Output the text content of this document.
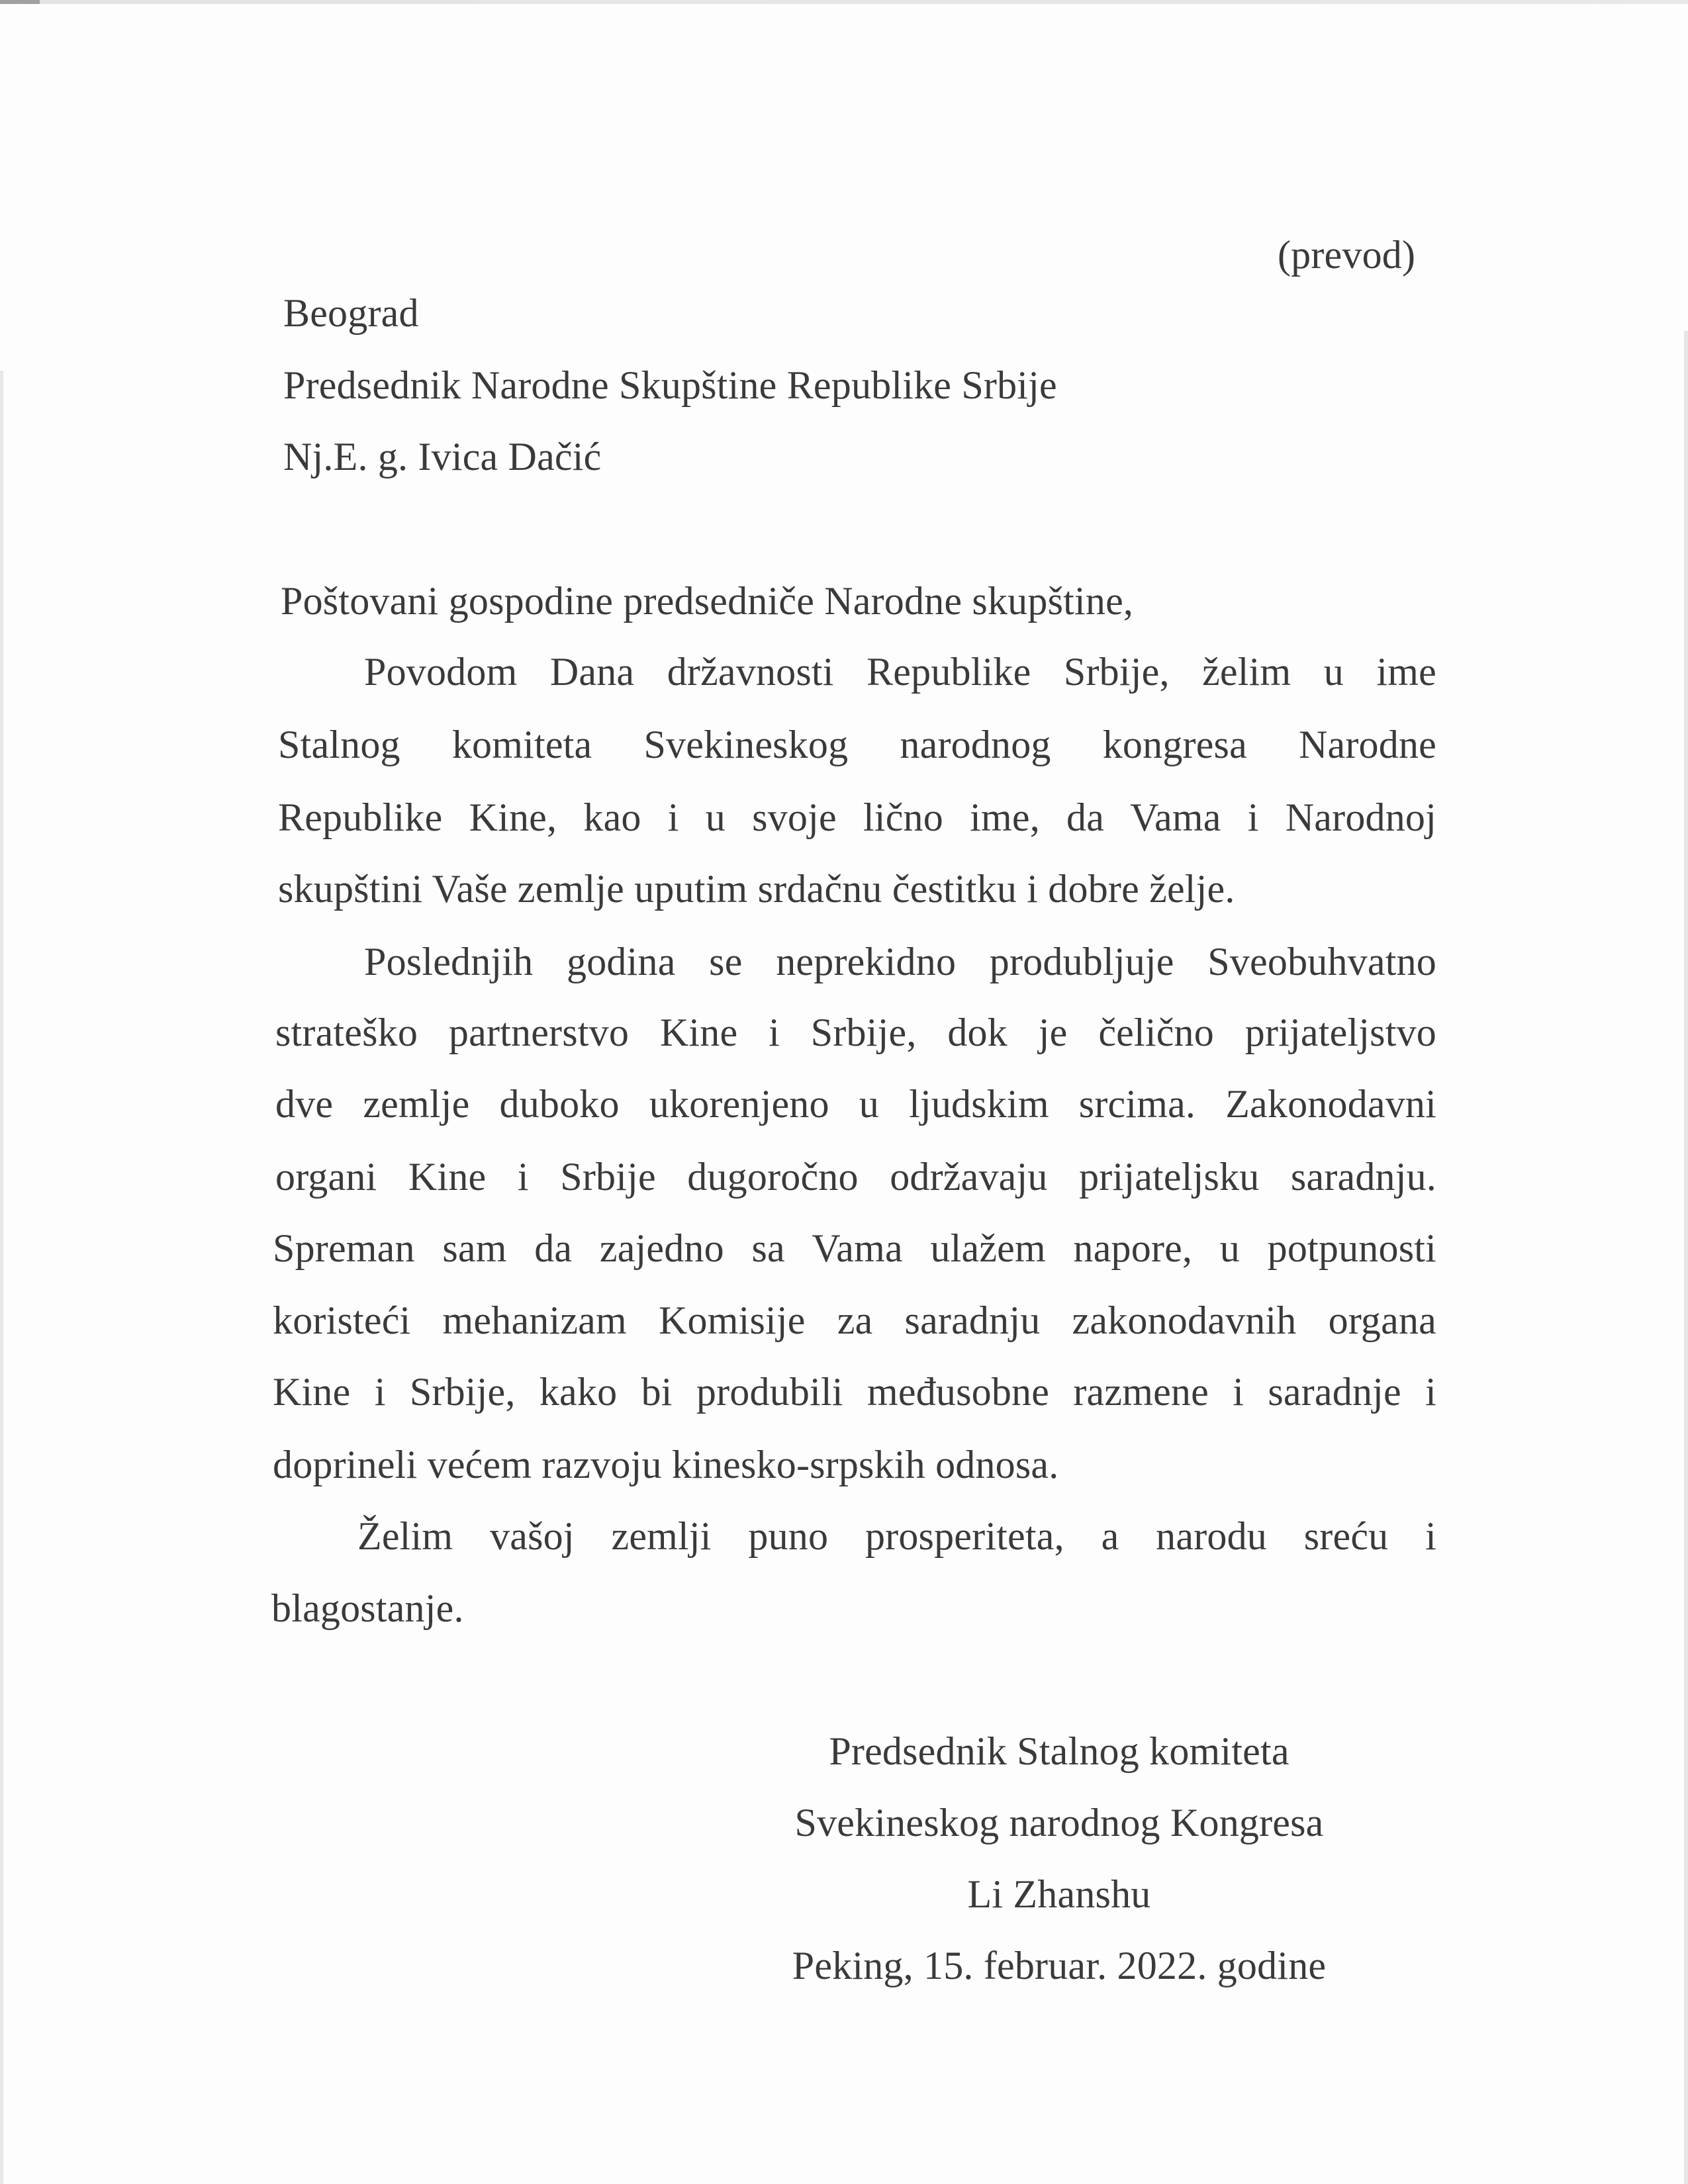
(prevod)
Beograd
Predsednik Narodne Skupštine Republike Srbije
Nj.E. g. Ivica Dačić
Poštovani gospodine predsedniče Narodne skupštine,
Povodom Dana državnosti Republike Srbije, želim u ime
Stalnog komiteta Svekineskog narodnog kongresa Narodne
Republike Kine, kao i u svoje lično ime, da Vama i Narodnoj
skupštini Vaše zemlje uputim srdačnu čestitku i dobre želje.
Poslednjih godina se neprekidno produbljuje Sveobuhvatno
strateško partnerstvo Kine i Srbije, dok je čelično prijateljstvo
dve zemlje duboko ukorenjeno u ljudskim srcima. Zakonodavni
organi Kine i Srbije dugoročno održavaju prijateljsku saradnju.
Spreman sam da zajedno sa Vama ulažem napore, u potpunosti
koristeći mehanizam Komisije za saradnju zakonodavnih organa
Kine i Srbije, kako bi produbili međusobne razmene i saradnje i
doprineli većem razvoju kinesko-srpskih odnosa.
Želim vašoj zemlji puno prosperiteta, a narodu sreću i
blagostanje.
Predsednik Stalnog komiteta
Svekineskog narodnog Kongresa
Li Zhanshu
Peking, 15. februar. 2022. godine
